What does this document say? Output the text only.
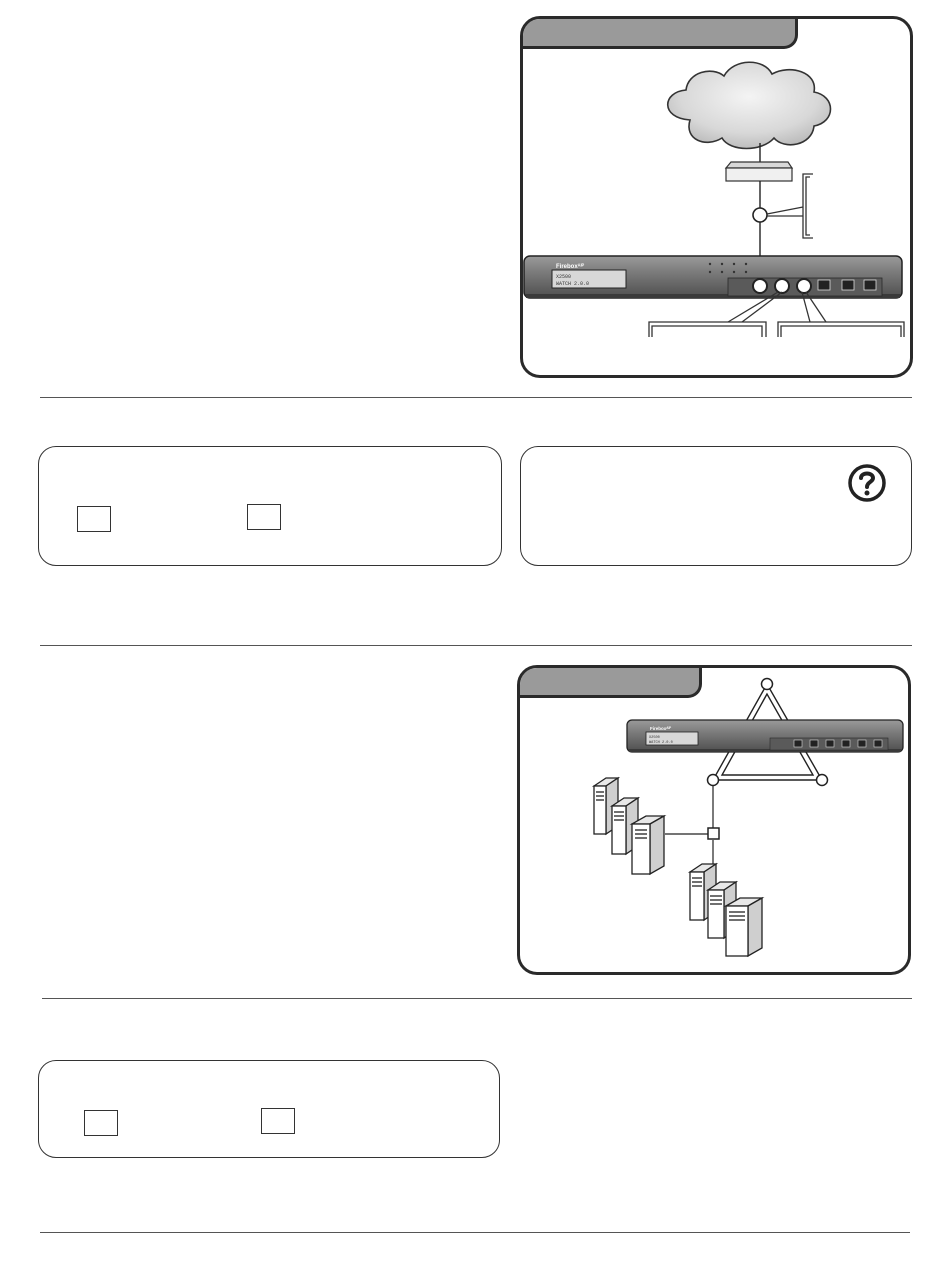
Fireboxᴬᴵᴾ
X2500
WATCH 2.0.0
Fireboxᴬᴵᴾ
X2500
WATCH 2.0.0
